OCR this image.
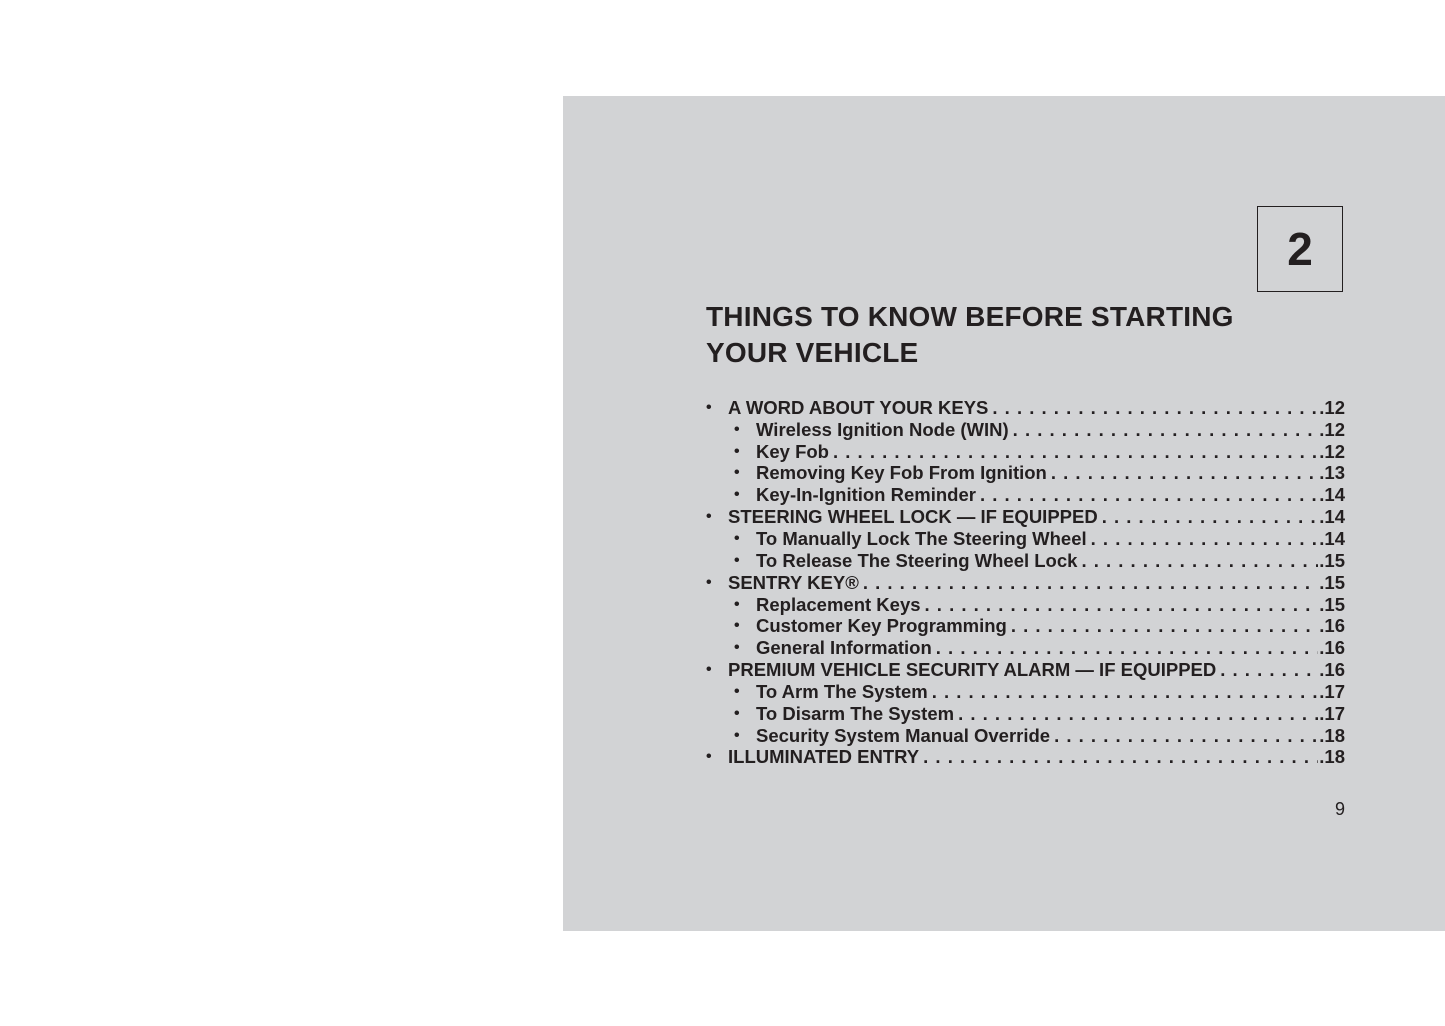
2
THINGS TO KNOW BEFORE STARTING
YOUR VEHICLE
• A WORD ABOUT YOUR KEYS . . .	.12
• Wireless Ignition Node (WIN) . . .	.12
• Key Fob . . .	.12
• Removing Key Fob From Ignition . . .	.13
• Key-In-Ignition Reminder . . .	.14
• STEERING WHEEL LOCK — IF EQUIPPED . . .	.14
• To Manually Lock The Steering Wheel . . .	.14
• To Release The Steering Wheel Lock . . .	.15
• SENTRY KEY® . . .	.15
• Replacement Keys . . .	.15
• Customer Key Programming . . .	.16
• General Information . . .	.16
• PREMIUM VEHICLE SECURITY ALARM — IF EQUIPPED . . .	.16
• To Arm The System . . .	.17
• To Disarm The System . . .	.17
• Security System Manual Override . . .	.18
• ILLUMINATED ENTRY . . .	.18
9
